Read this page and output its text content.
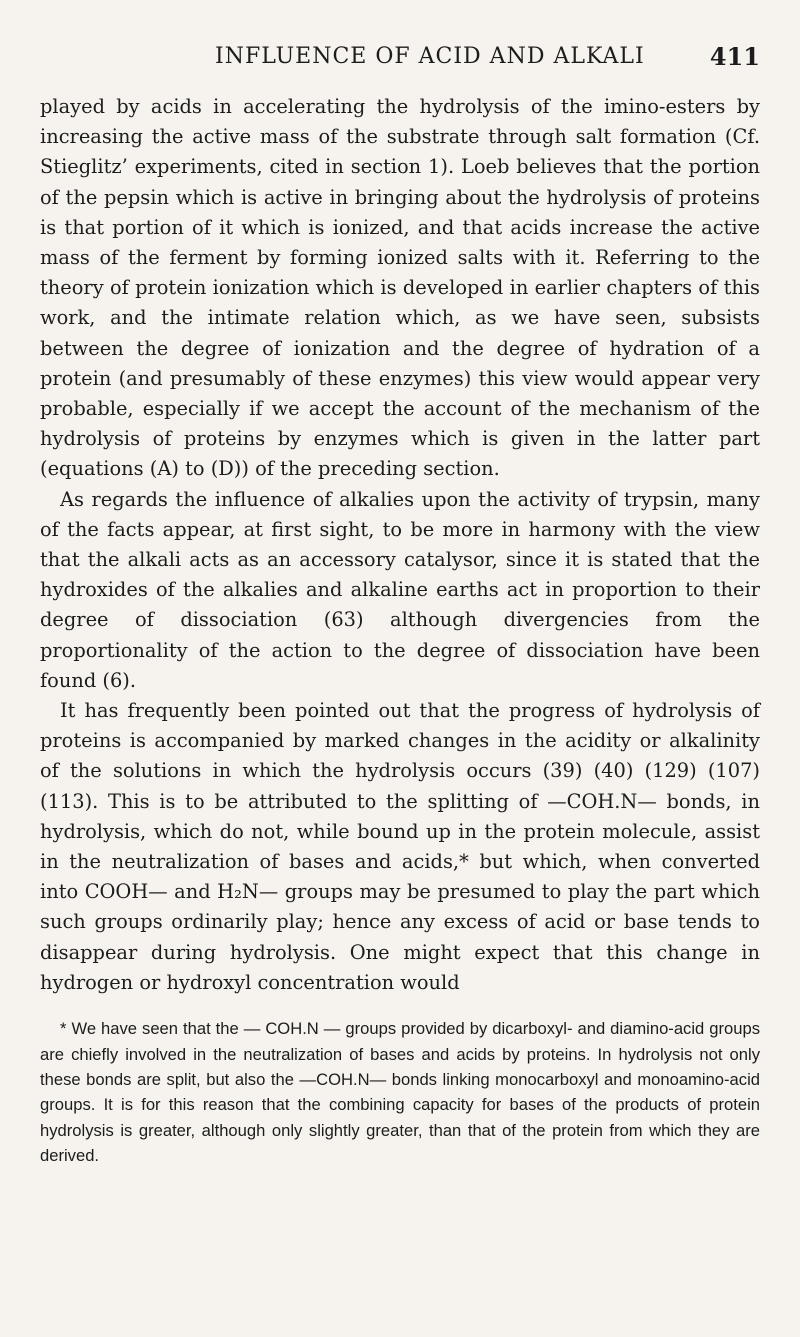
INFLUENCE OF ACID AND ALKALI	411

played by acids in accelerating the hydrolysis of the imino-esters by increasing the active mass of the substrate through salt formation (Cf. Stieglitz’ experiments, cited in section 1). Loeb believes that the portion of the pepsin which is active in bringing about the hydrolysis of proteins is that portion of it which is ionized, and that acids increase the active mass of the ferment by forming ionized salts with it. Referring to the theory of protein ionization which is developed in earlier chapters of this work, and the intimate relation which, as we have seen, subsists between the degree of ionization and the degree of hydration of a protein (and presumably of these enzymes) this view would appear very probable, especially if we accept the account of the mechanism of the hydrolysis of proteins by enzymes which is given in the latter part (equations (A) to (D)) of the preceding section.

As regards the influence of alkalies upon the activity of trypsin, many of the facts appear, at first sight, to be more in harmony with the view that the alkali acts as an accessory catalysor, since it is stated that the hydroxides of the alkalies and alkaline earths act in proportion to their degree of dissociation (63) although divergencies from the proportionality of the action to the degree of dissociation have been found (6).

It has frequently been pointed out that the progress of hydrolysis of proteins is accompanied by marked changes in the acidity or alkalinity of the solutions in which the hydrolysis occurs (39) (40) (129) (107) (113). This is to be attributed to the splitting of —COH.N— bonds, in hydrolysis, which do not, while bound up in the protein molecule, assist in the neutralization of bases and acids,* but which, when converted into COOH— and H₂N— groups may be presumed to play the part which such groups ordinarily play; hence any excess of acid or base tends to disappear during hydrolysis. One might expect that this change in hydrogen or hydroxyl concentration would

* We have seen that the — COH.N — groups provided by dicarboxyl- and diamino-acid groups are chiefly involved in the neutralization of bases and acids by proteins. In hydrolysis not only these bonds are split, but also the —COH.N— bonds linking monocarboxyl and monoamino-acid groups. It is for this reason that the combining capacity for bases of the products of protein hydrolysis is greater, although only slightly greater, than that of the protein from which they are derived.
